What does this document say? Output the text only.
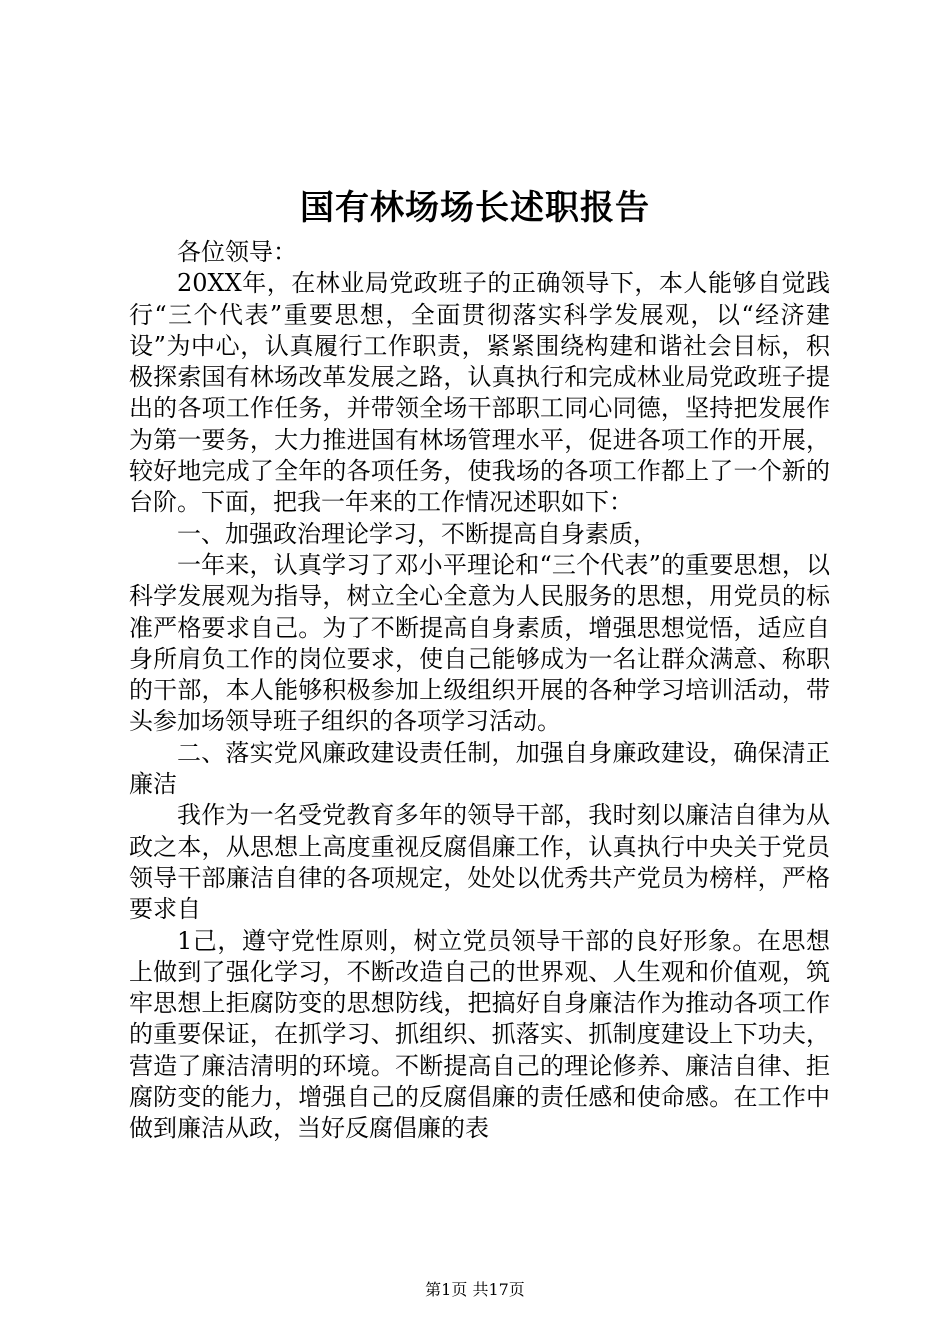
国有林场场长述职报告

各位领导：

20XX年，在林业局党政班子的正确领导下，本人能够自觉践行“三个代表”重要思想，全面贯彻落实科学发展观，以“经济建设”为中心，认真履行工作职责，紧紧围绕构建和谐社会目标，积极探索国有林场改革发展之路，认真执行和完成林业局党政班子提出的各项工作任务，并带领全场干部职工同心同德，坚持把发展作为第一要务，大力推进国有林场管理水平，促进各项工作的开展，较好地完成了全年的各项任务，使我场的各项工作都上了一个新的台阶。下面，把我一年来的工作情况述职如下：

一、加强政治理论学习，不断提高自身素质，

一年来，认真学习了邓小平理论和“三个代表”的重要思想，以科学发展观为指导，树立全心全意为人民服务的思想，用党员的标准严格要求自己。为了不断提高自身素质，增强思想觉悟，适应自身所肩负工作的岗位要求，使自己能够成为一名让群众满意、称职的干部，本人能够积极参加上级组织开展的各种学习培训活动，带头参加场领导班子组织的各项学习活动。

二、落实党风廉政建设责任制，加强自身廉政建设，确保清正廉洁

我作为一名受党教育多年的领导干部，我时刻以廉洁自律为从政之本，从思想上高度重视反腐倡廉工作，认真执行中央关于党员领导干部廉洁自律的各项规定，处处以优秀共产党员为榜样，严格要求自

1己，遵守党性原则，树立党员领导干部的良好形象。在思想上做到了强化学习，不断改造自己的世界观、人生观和价值观，筑牢思想上拒腐防变的思想防线，把搞好自身廉洁作为推动各项工作的重要保证，在抓学习、抓组织、抓落实、抓制度建设上下功夫，营造了廉洁清明的环境。不断提高自己的理论修养、廉洁自律、拒腐防变的能力，增强自己的反腐倡廉的责任感和使命感。在工作中做到廉洁从政，当好反腐倡廉的表

第1页 共17页
